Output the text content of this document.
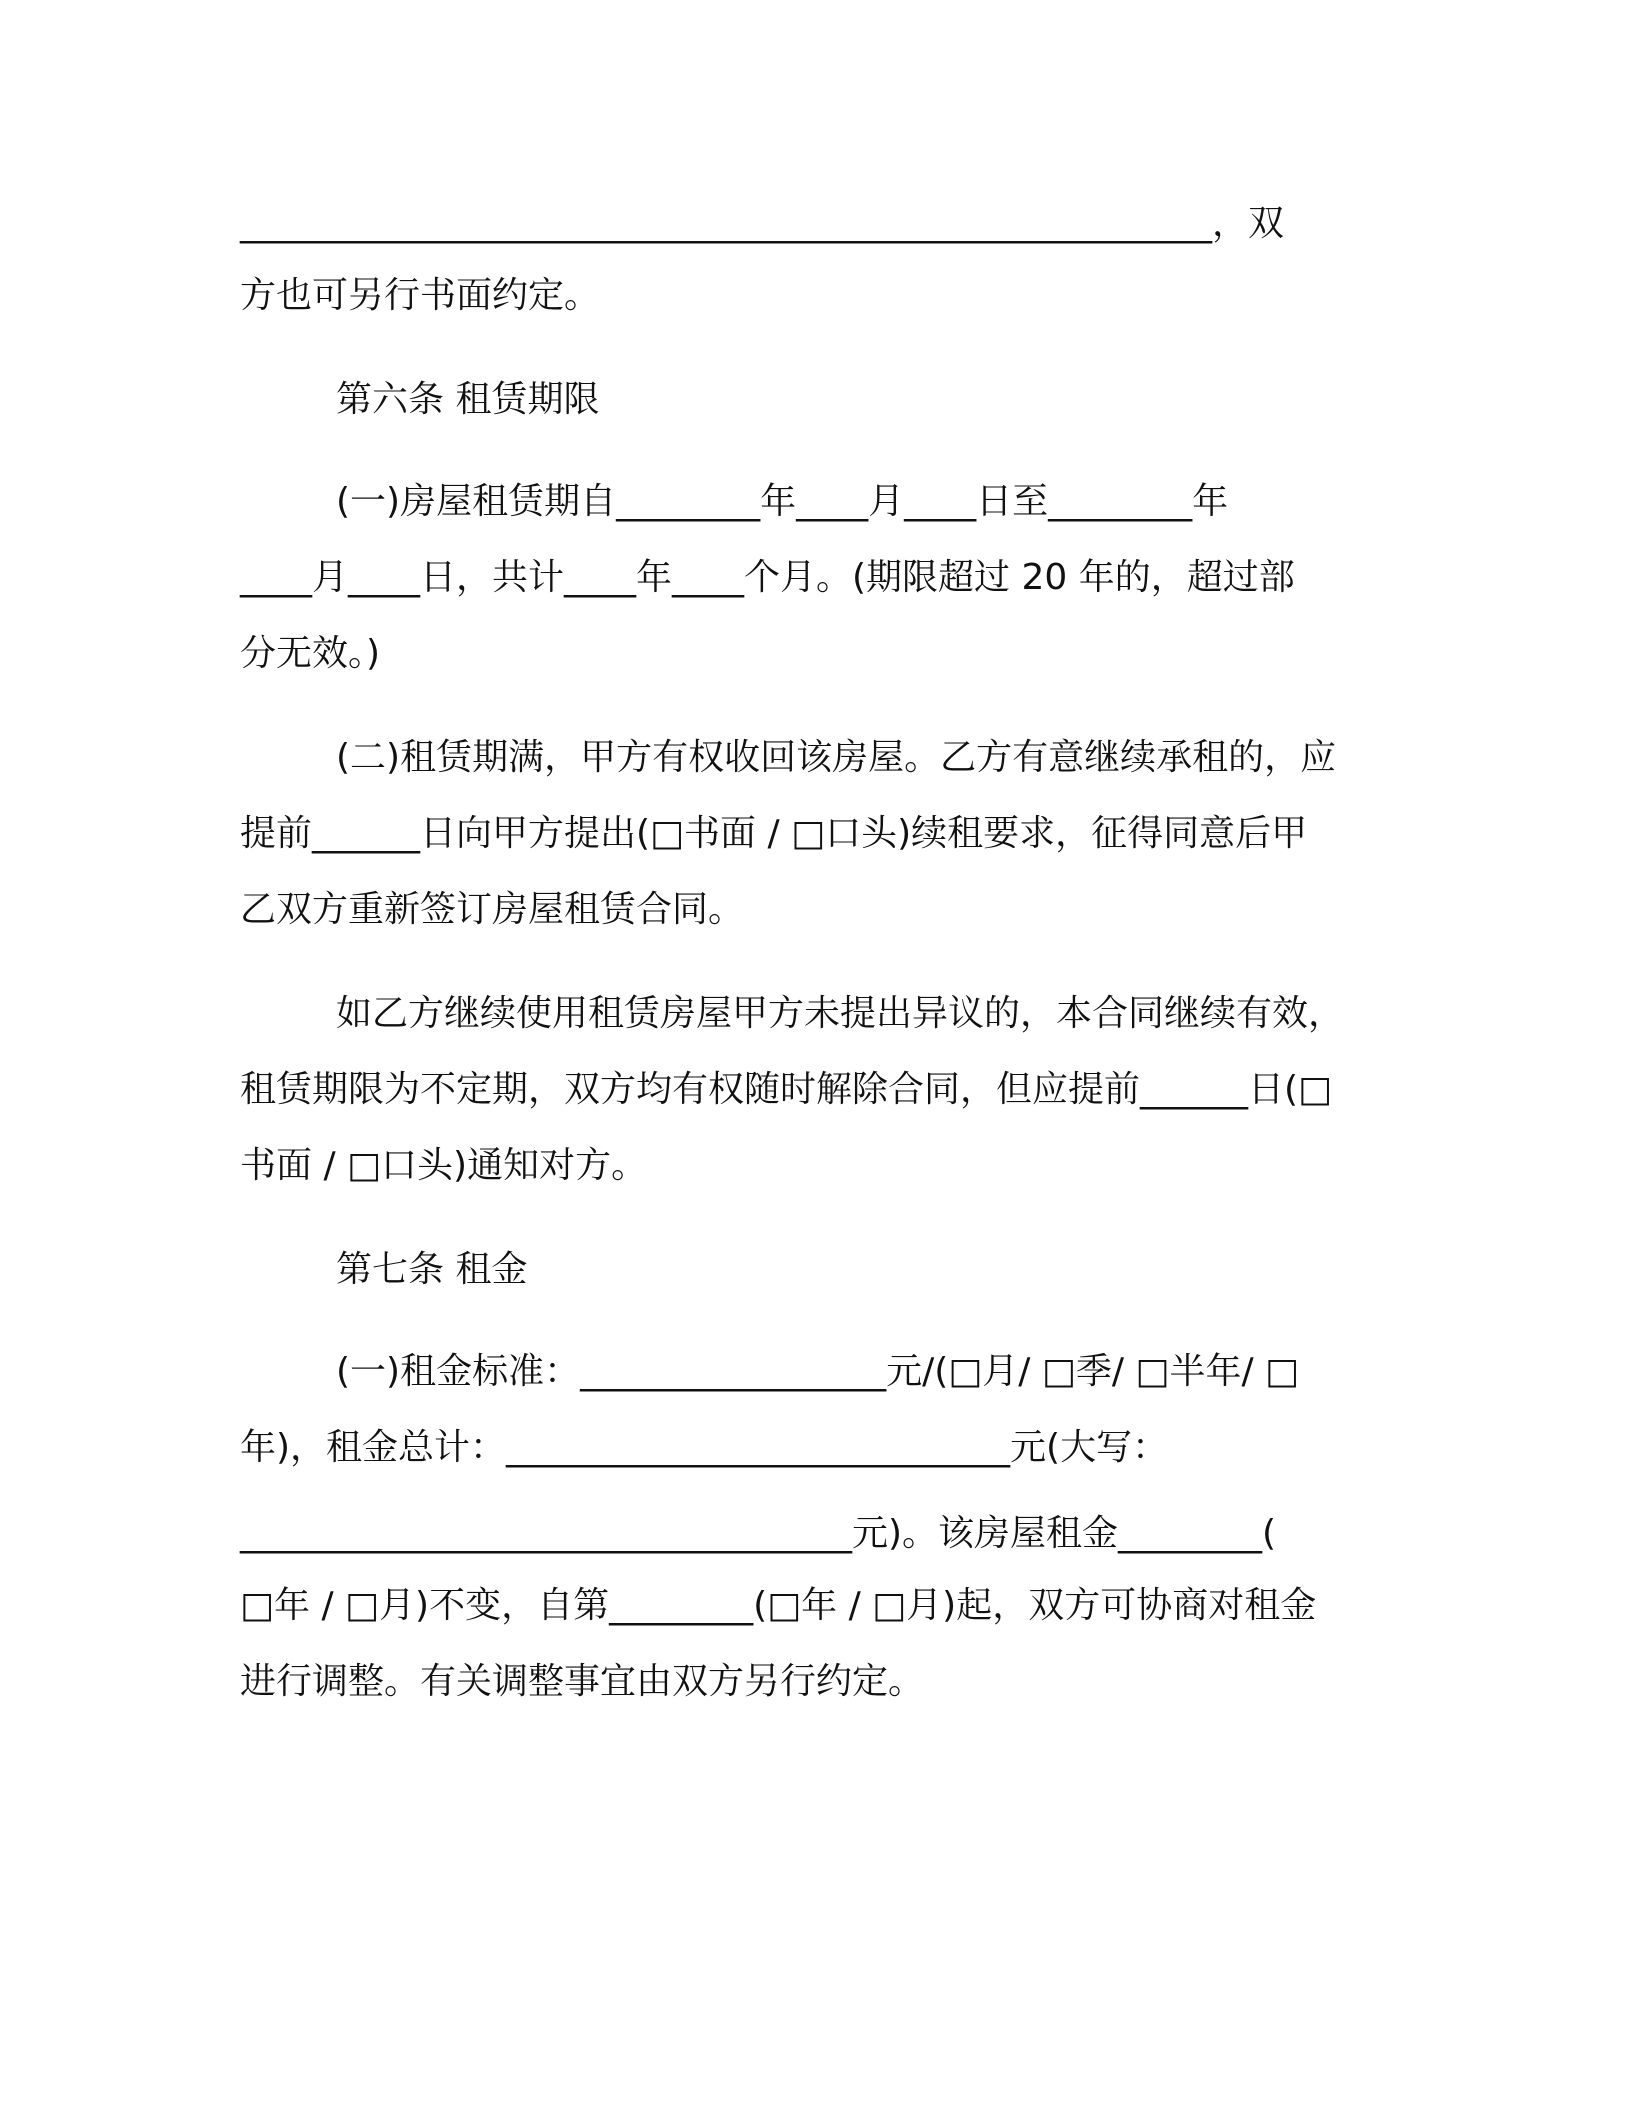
______________________________________________________，双
方也可另行书面约定。
第六条 租赁期限
(一)房屋租赁期自________年____月____日至________年
____月____日，共计____年____个月。(期限超过 20 年的，超过部
分无效。)
(二)租赁期满，甲方有权收回该房屋。乙方有意继续承租的，应
提前______日向甲方提出(□书面 / □口头)续租要求，征得同意后甲
乙双方重新签订房屋租赁合同。
如乙方继续使用租赁房屋甲方未提出异议的，本合同继续有效，
租赁期限为不定期，双方均有权随时解除合同，但应提前______日(□
书面 / □口头)通知对方。
第七条 租金
(一)租金标准：_________________元/(□月/ □季/ □半年/ □
年)，租金总计：____________________________元(大写：
__________________________________元)。该房屋租金________(
□年 / □月)不变，自第________(□年 / □月)起，双方可协商对租金
进行调整。有关调整事宜由双方另行约定。
